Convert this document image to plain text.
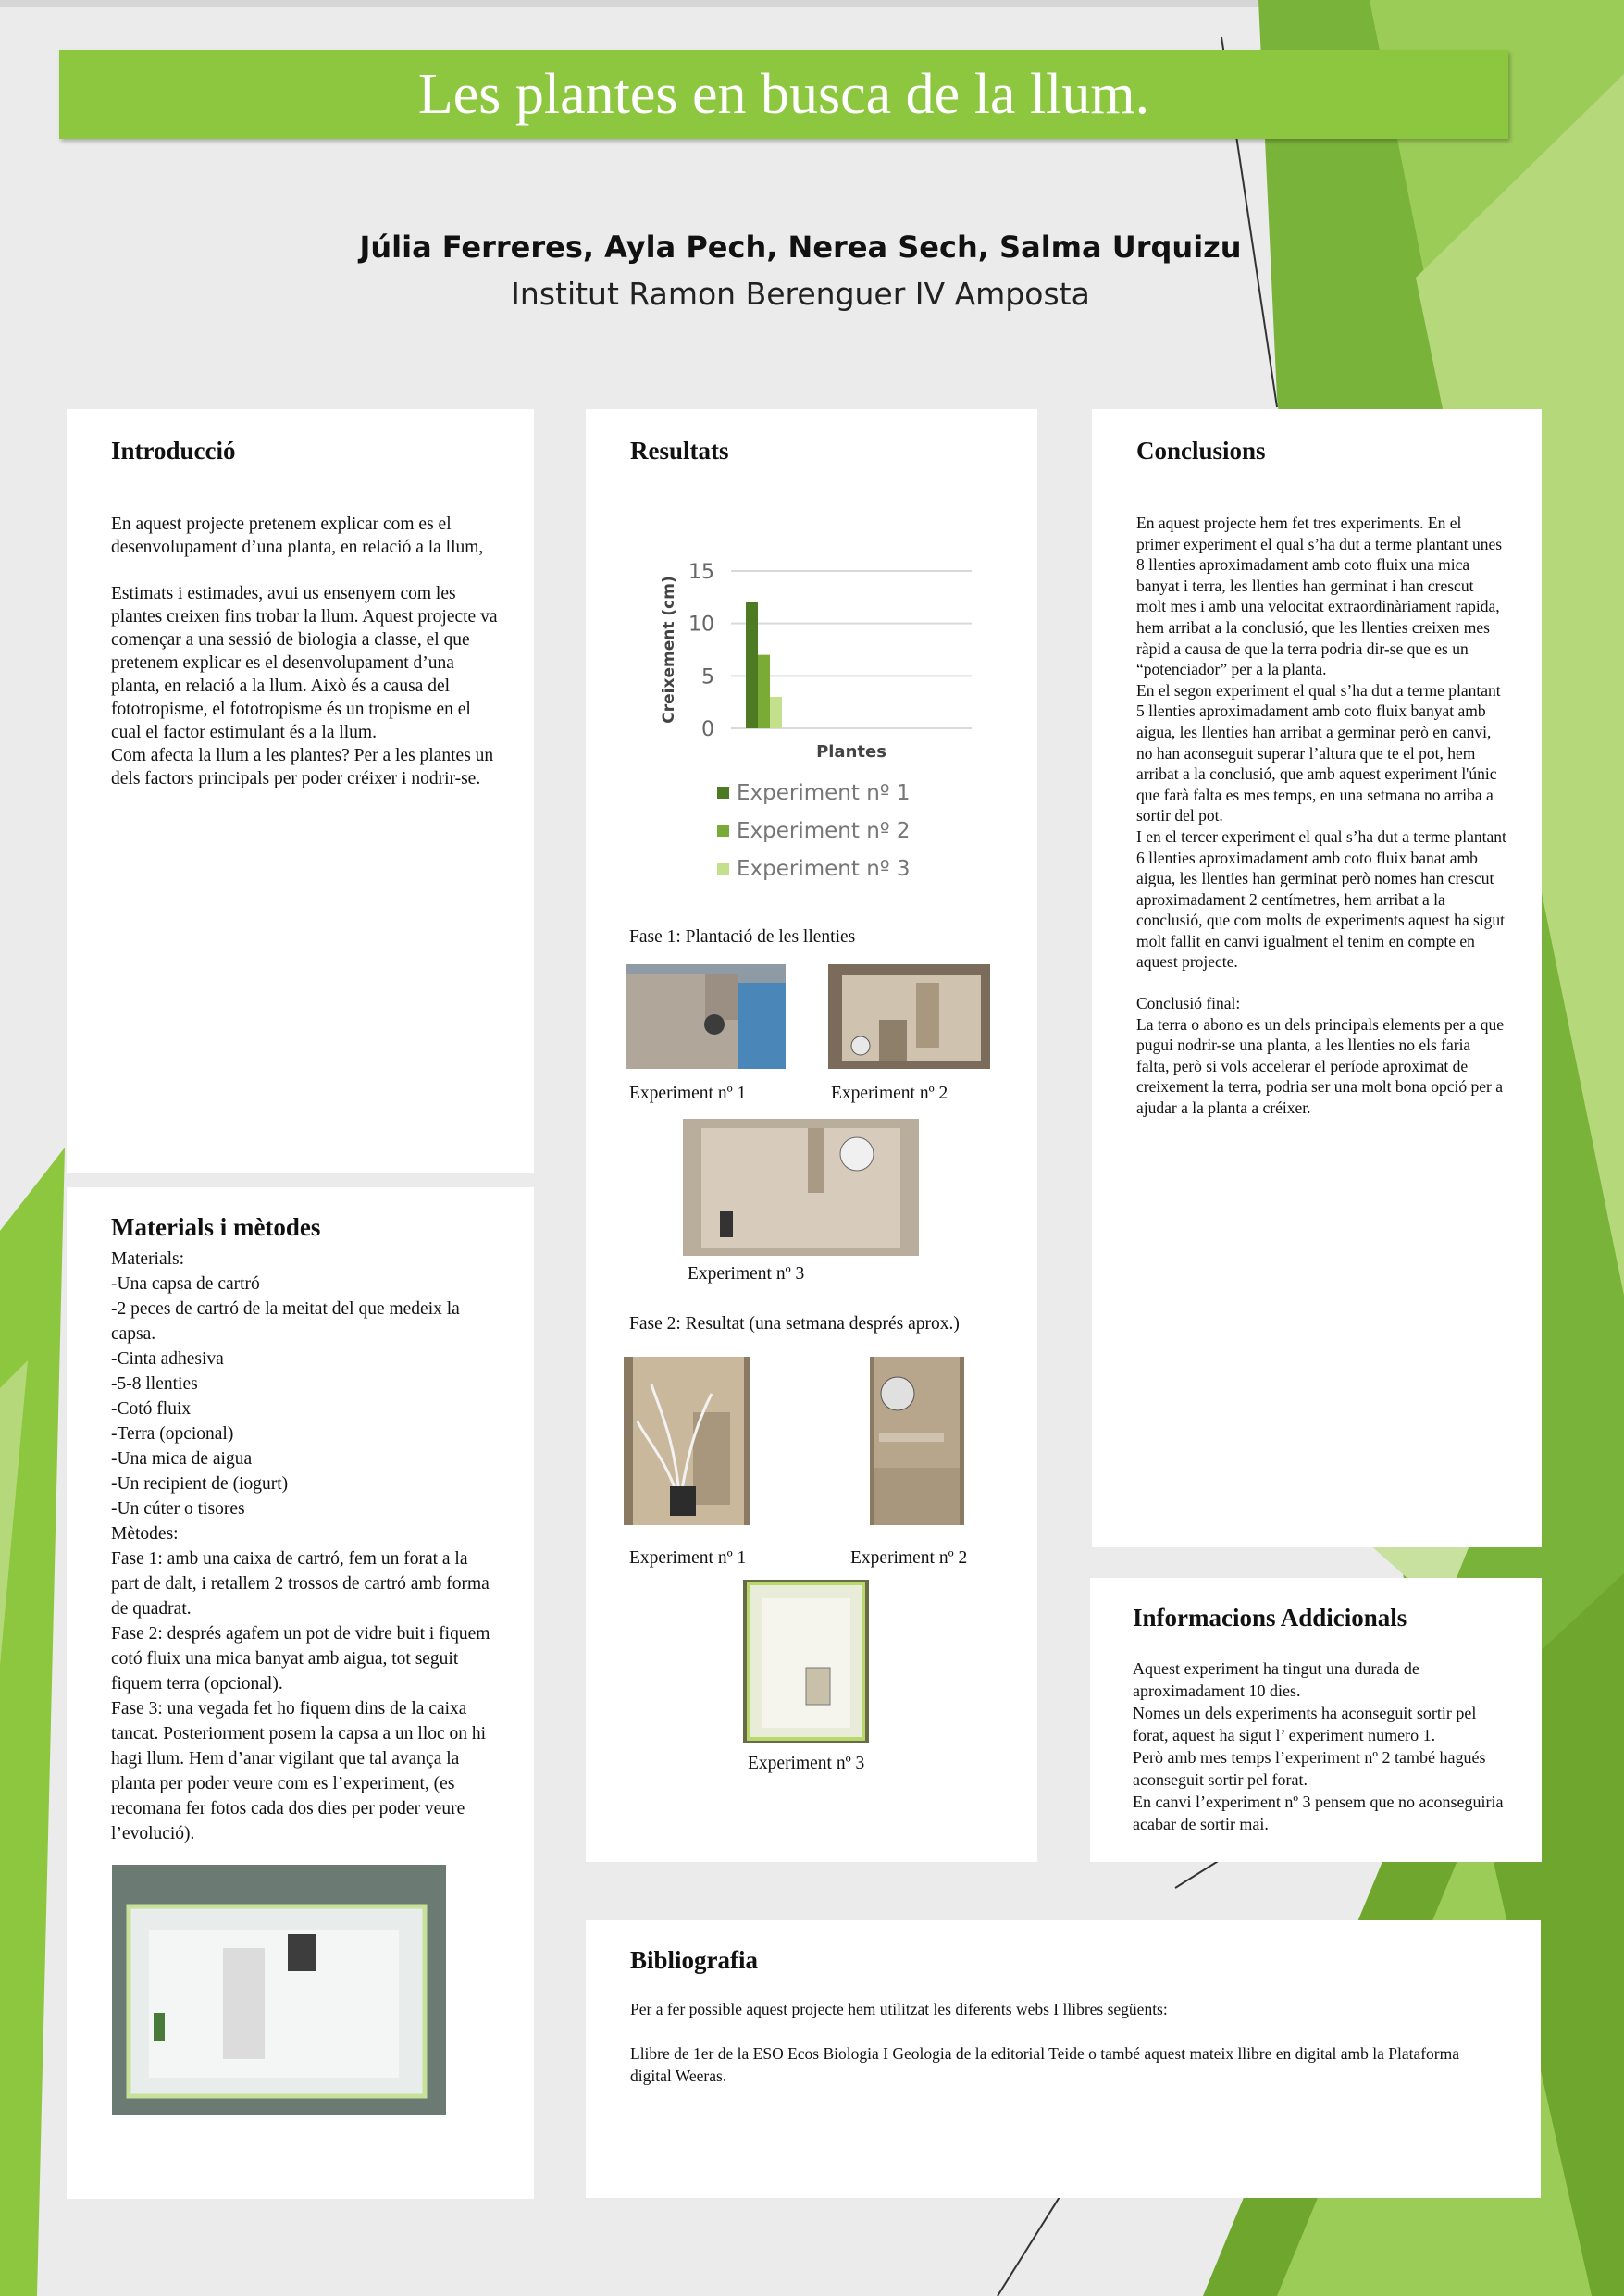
Les plantes en busca de la llum.
Júlia Ferreres, Ayla Pech, Nerea Sech, Salma Urquizu
Institut Ramon Berenguer IV Amposta
Introducció

En aquest projecte pretenem explicar com es el desenvolupament d’una planta, en relació a la llum,

Estimats i estimades, avui us ensenyem com les plantes creixen fins trobar la llum. Aquest projecte va començar a una sessió de biologia a classe, el que pretenem explicar es el desenvolupament d’una planta, en relació a la llum. Això és a causa del fototropisme, el fototropisme és un tropisme en el cual el factor estimulant és a la llum.

Com afecta la llum a les plantes? Per a les plantes un dels factors principals per poder créixer i nodrir-se.

Materials i mètodes

Materials:

-Una capsa de cartró

-2 peces de cartró de la meitat del que medeix la capsa.

-Cinta adhesiva

-5-8 llenties

-Cotó fluix

-Terra (opcional)

-Una mica de aigua

-Un recipient de (iogurt)

-Un cúter o tisores

Mètodes:

Fase 1: amb una caixa de cartró, fem un forat a la part de dalt, i retallem 2 trossos de cartró amb forma de quadrat.

Fase 2: després agafem un pot de vidre buit i fiquem cotó fluix una mica banyat amb aigua, tot seguit fiquem terra (opcional).

Fase 3: una vegada fet ho fiquem dins de la caixa tancat. Posteriorment posem la capsa a un lloc on hi hagi llum. Hem d’anar vigilant que tal avança la planta per poder veure com es l’experiment, (es recomana fer fotos cada dos dies per poder veure l’evolució).

Resultats
0
5
10
15
Plantes
Creixement (cm)
Experiment nº 1
Experiment nº 2
Experiment nº 3
Fase 1: Plantació de les llenties
Experiment nº 1	Experiment nº 2
Experiment nº 3
Fase 2: Resultat (una setmana després aprox.)
Experiment nº 1	Experiment nº 2
Experiment nº 3
Conclusions

En aquest projecte hem fet tres experiments. En el primer experiment el qual s’ha dut a terme plantant unes 8 llenties aproximadament amb coto fluix una mica banyat i terra, les llenties han germinat i han crescut molt mes i amb una velocitat extraordinàriament rapida, hem arribat a la conclusió, que les llenties creixen mes ràpid a causa de que la terra podria dir-se que es un “potenciador” per a la planta.

En el segon experiment el qual s’ha dut a terme plantant 5 llenties aproximadament amb coto fluix banyat amb aigua, les llenties han arribat a germinar però en canvi, no han aconseguit superar l’altura que te el pot, hem arribat a la conclusió, que amb aquest experiment l'únic que farà falta es mes temps, en una setmana no arriba a sortir del pot.

I en el tercer experiment el qual s’ha dut a terme plantant 6 llenties aproximadament amb coto fluix banat amb aigua, les llenties han germinat però nomes han crescut aproximadament 2 centímetres, hem arribat a la conclusió, que com molts de experiments aquest ha sigut molt fallit en canvi igualment el tenim en compte en aquest projecte.

Conclusió final:

La terra o abono es un dels principals elements per a que pugui nodrir-se una planta, a les llenties no els faria falta, però si vols accelerar el període aproximat de creixement la terra, podria ser una molt bona opció per a ajudar a la planta a créixer.

Informacions Addicionals

Aquest experiment ha tingut una durada de aproximadament 10 dies.

Nomes un dels experiments ha aconseguit sortir pel forat, aquest ha sigut l’ experiment numero 1.

Però amb mes temps l’experiment nº 2 també hagués aconseguit sortir pel forat.

En canvi l’experiment nº 3 pensem que no aconseguiria acabar de sortir mai.

Bibliografia

Per a fer possible aquest projecte hem utilitzat les diferents webs I llibres següents:

Llibre de 1er de la ESO Ecos Biologia I Geologia de la editorial Teide o també aquest mateix llibre en digital amb la Plataforma digital Weeras.
